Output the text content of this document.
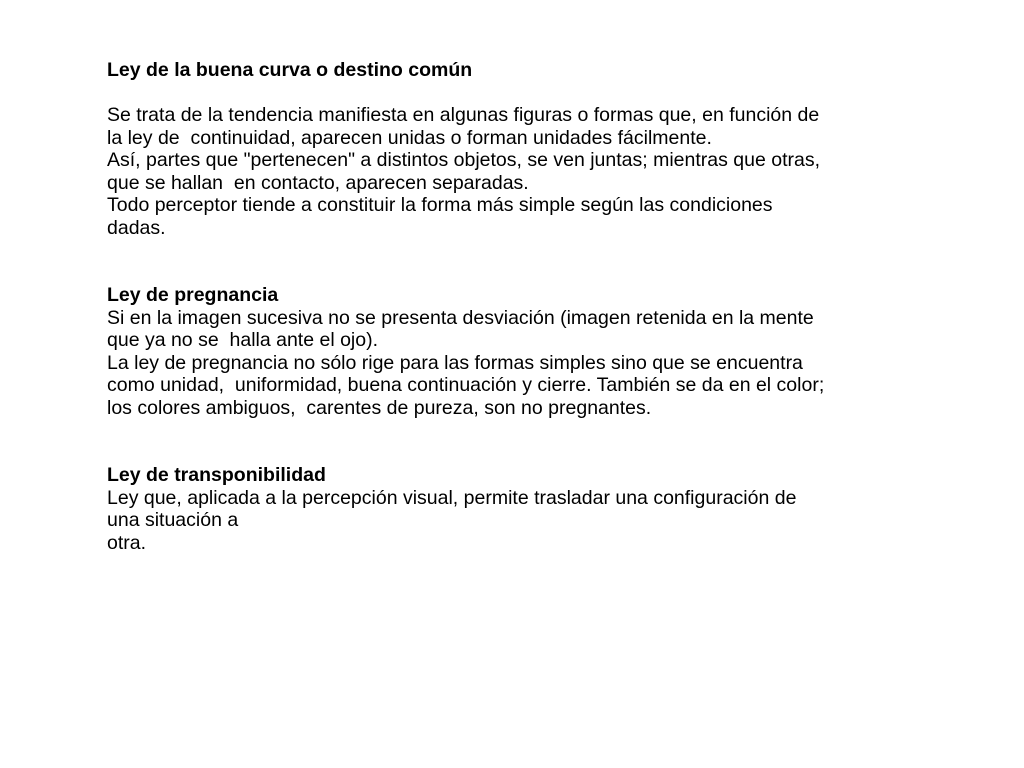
Ley de la buena curva o destino común
Se trata de la tendencia manifiesta en algunas figuras o formas que, en función de
la ley de  continuidad, aparecen unidas o forman unidades fácilmente.
Así, partes que "pertenecen" a distintos objetos, se ven juntas; mientras que otras,
que se hallan  en contacto, aparecen separadas.
Todo perceptor tiende a constituir la forma más simple según las condiciones
dadas.
Ley de pregnancia
Si en la imagen sucesiva no se presenta desviación (imagen retenida en la mente
que ya no se  halla ante el ojo).
La ley de pregnancia no sólo rige para las formas simples sino que se encuentra
como unidad,  uniformidad, buena continuación y cierre. También se da en el color;
los colores ambiguos,  carentes de pureza, son no pregnantes.
Ley de transponibilidad
Ley que, aplicada a la percepción visual, permite trasladar una configuración de
una situación a
otra.
